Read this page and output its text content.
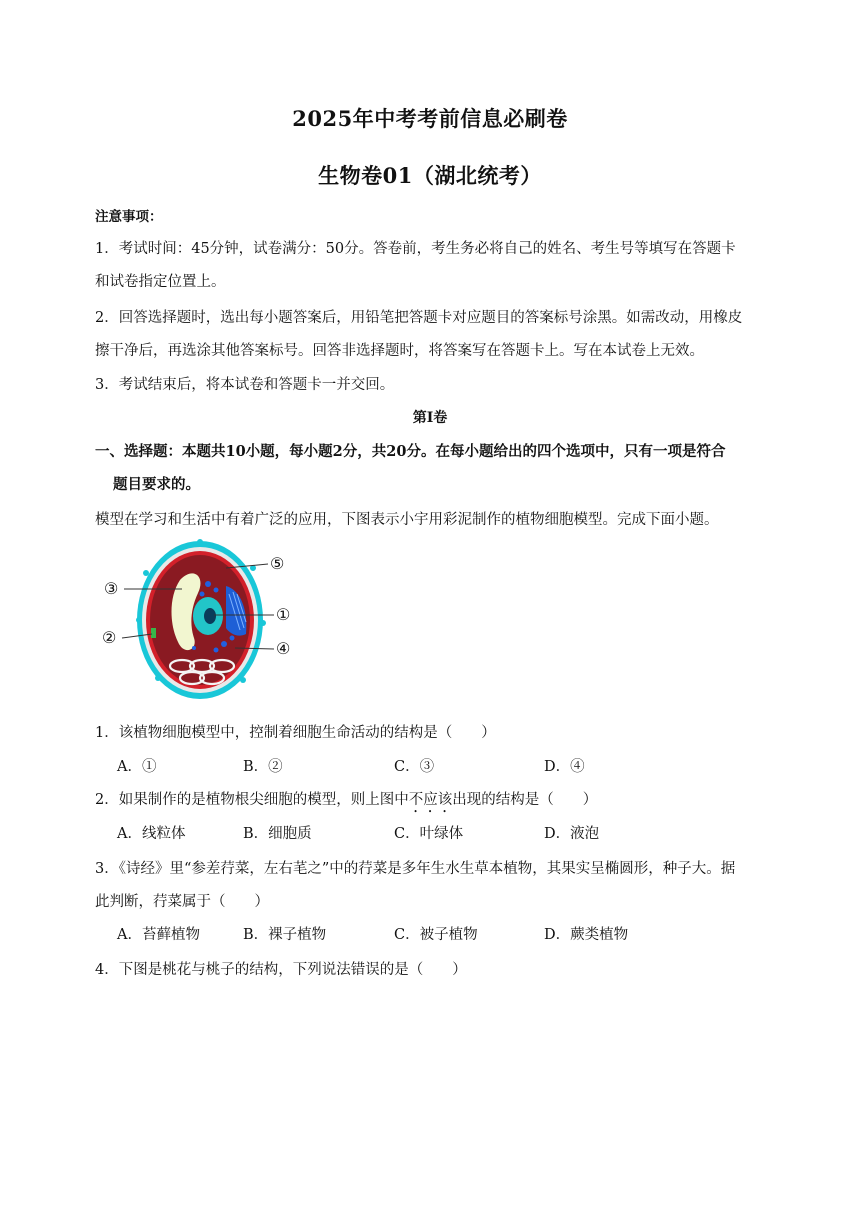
2025年中考考前信息必刷卷
生物卷01（湖北统考）
注意事项：
1．考试时间：45分钟，试卷满分：50分。答卷前，考生务必将自己的姓名、考生号等填写在答题卡
和试卷指定位置上。
2．回答选择题时，选出每小题答案后，用铅笔把答题卡对应题目的答案标号涂黑。如需改动，用橡皮
擦干净后，再选涂其他答案标号。回答非选择题时，将答案写在答题卡上。写在本试卷上无效。
3．考试结束后，将本试卷和答题卡一并交回。
第Ⅰ卷
一、选择题：本题共10小题，每小题2分，共20分。在每小题给出的四个选项中，只有一项是符合
题目要求的。
模型在学习和生活中有着广泛的应用，下图表示小宇用彩泥制作的植物细胞模型。完成下面小题。
⑤
③
①
②
④
1．该植物细胞模型中，控制着细胞生命活动的结构是（　　）
A．①	B．②	C．③	D．④
2．如果制作的是植物根尖细胞的模型，则上图中不应该出现的结构是（　　）
A．线粒体	B．细胞质	C．叶绿体	D．液泡
3．《诗经》里“参差荇菜，左右芼之”中的荇菜是多年生水生草本植物，其果实呈椭圆形，种子大。据
此判断，荇菜属于（　　）
A．苔藓植物	B．裸子植物	C．被子植物	D．蕨类植物
4．下图是桃花与桃子的结构，下列说法错误的是（　　）
